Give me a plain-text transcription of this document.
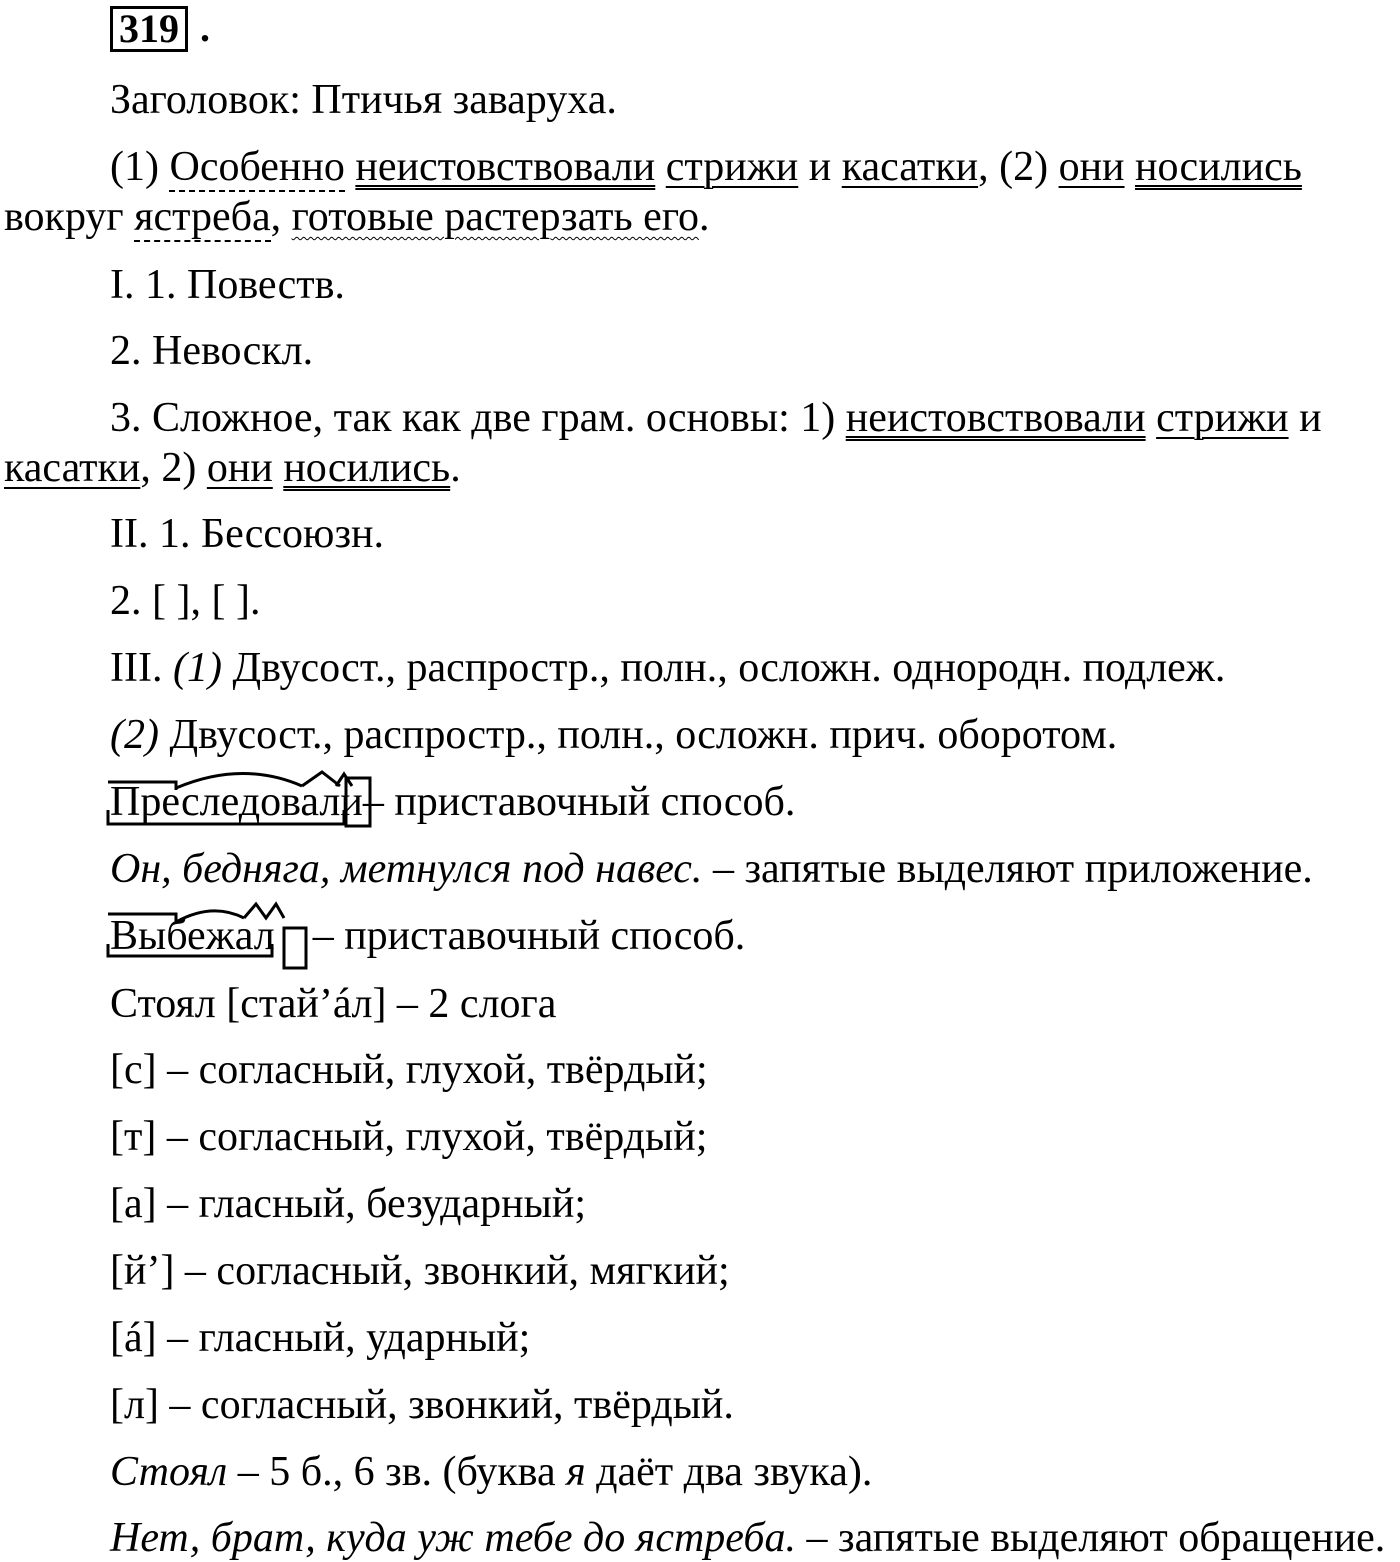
319 .
Заголовок: Птичья заваруха.
(1) Особенно неистовствовали стрижи и касатки, (2) они носились
вокруг ястреба, готовые растерзать его.
I. 1. Повеств.
2. Невоскл.
3. Сложное, так как две грам. основы: 1) неистовствовали стрижи и
касатки, 2) они носились.
II. 1. Бессоюзн.
2. [ ], [ ].
III. (1) Двусост., распростр., полн., осложн. однородн. подлеж.
(2) Двусост., распростр., полн., осложн. прич. оборотом.
Преследовали– приставочный способ.
Он, бедняга, метнулся под навес. – запятые выделяют приложение.
Выбежал – приставочный способ.
Стоял [стай’áл] – 2 слога
[с] – согласный, глухой, твёрдый;
[т] – согласный, глухой, твёрдый;
[а] – гласный, безударный;
[й’] – согласный, звонкий, мягкий;
[á] – гласный, ударный;
[л] – согласный, звонкий, твёрдый.
Стоял – 5 б., 6 зв. (буква я даёт два звука).
Нет, брат, куда уж тебе до ястреба. – запятые выделяют обращение.
